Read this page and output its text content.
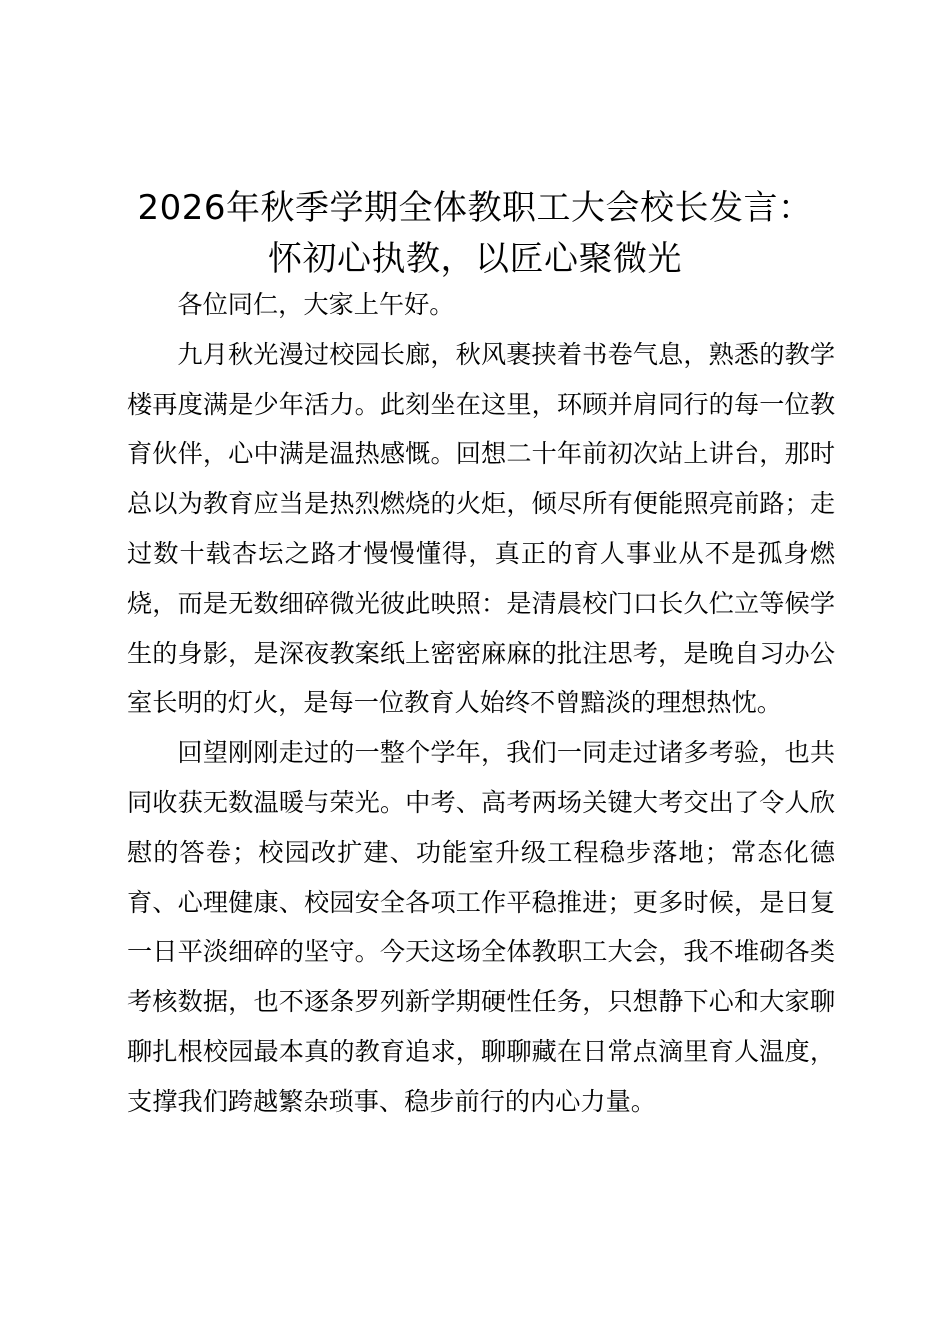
2026年秋季学期全体教职工大会校长发言：
怀初心执教，以匠心聚微光

各位同仁，大家上午好。

九月秋光漫过校园长廊，秋风裹挟着书卷气息，熟悉的教学楼再度满是少年活力。此刻坐在这里，环顾并肩同行的每一位教育伙伴，心中满是温热感慨。回想二十年前初次站上讲台，那时总以为教育应当是热烈燃烧的火炬，倾尽所有便能照亮前路；走过数十载杏坛之路才慢慢懂得，真正的育人事业从不是孤身燃烧，而是无数细碎微光彼此映照：是清晨校门口长久伫立等候学生的身影，是深夜教案纸上密密麻麻的批注思考，是晚自习办公室长明的灯火，是每一位教育人始终不曾黯淡的理想热忱。

回望刚刚走过的一整个学年，我们一同走过诸多考验，也共同收获无数温暖与荣光。中考、高考两场关键大考交出了令人欣慰的答卷；校园改扩建、功能室升级工程稳步落地；常态化德育、心理健康、校园安全各项工作平稳推进；更多时候，是日复一日平淡细碎的坚守。今天这场全体教职工大会，我不堆砌各类考核数据，也不逐条罗列新学期硬性任务，只想静下心和大家聊聊扎根校园最本真的教育追求，聊聊藏在日常点滴里育人温度，支撑我们跨越繁杂琐事、稳步前行的内心力量。
